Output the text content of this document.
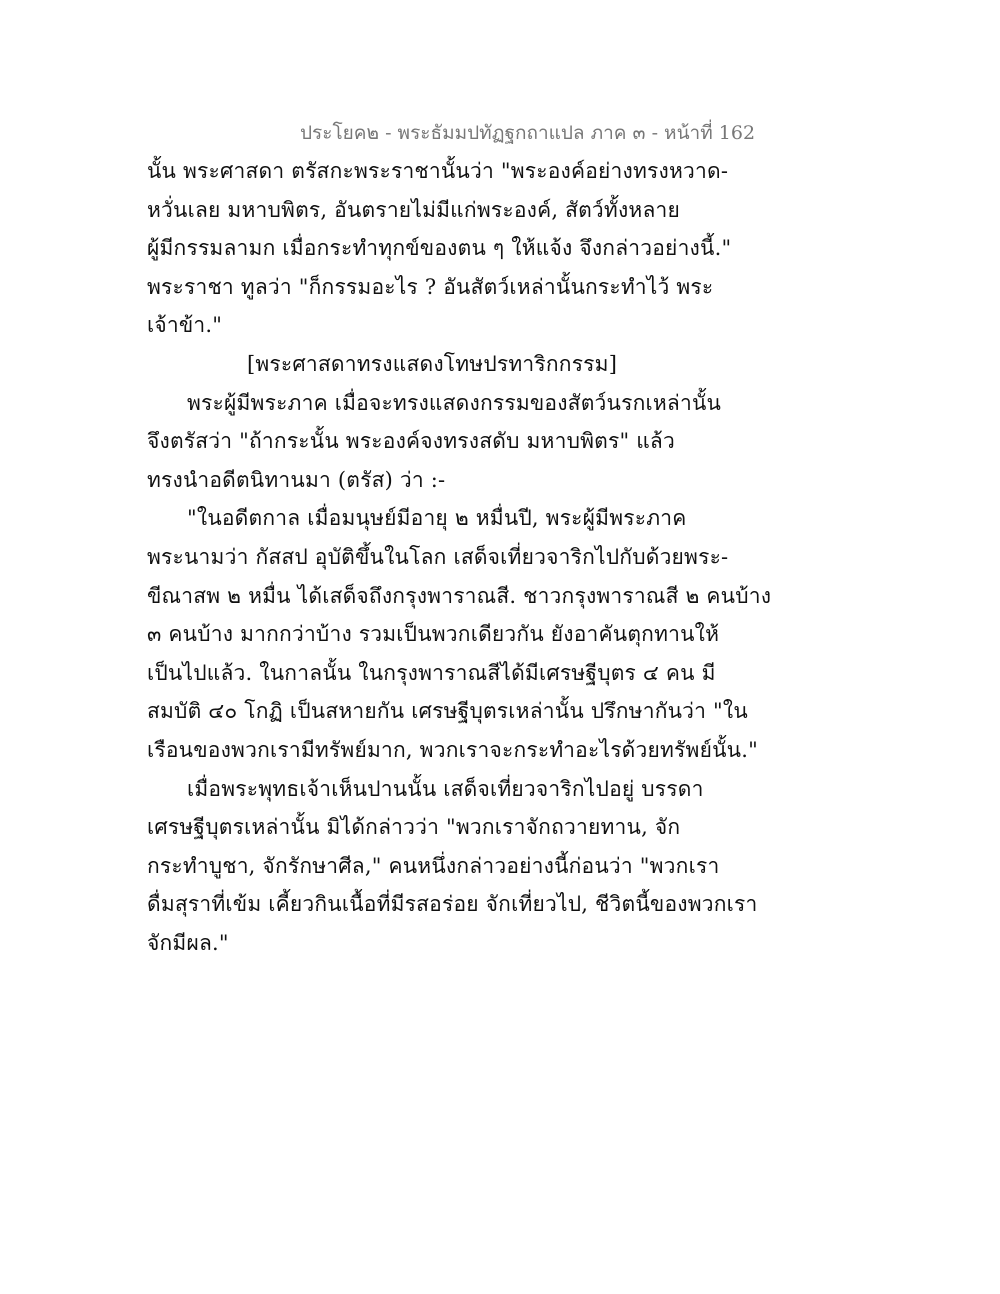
ประโยค๒ - พระธัมมปทัฏฐกถาแปล ภาค ๓ - หน้าที่ 162
นั้น พระศาสดา ตรัสกะพระราชานั้นว่า "พระองค์อย่างทรงหวาด-
หวั่นเลย มหาบพิตร, อันตรายไม่มีแก่พระองค์, สัตว์ทั้งหลาย
ผู้มีกรรมลามก เมื่อกระทำทุกข์ของตน ๆ ให้แจ้ง จึงกล่าวอย่างนี้."
พระราชา ทูลว่า "ก็กรรมอะไร ? อันสัตว์เหล่านั้นกระทำไว้ พระ
เจ้าข้า."
[พระศาสดาทรงแสดงโทษปรทาริกกรรม]
พระผู้มีพระภาค เมื่อจะทรงแสดงกรรมของสัตว์นรกเหล่านั้น
จึงตรัสว่า "ถ้ากระนั้น พระองค์จงทรงสดับ มหาบพิตร" แล้ว
ทรงนำอดีตนิทานมา (ตรัส) ว่า :-
"ในอดีตกาล เมื่อมนุษย์มีอายุ ๒ หมื่นปี, พระผู้มีพระภาค
พระนามว่า กัสสป อุบัติขึ้นในโลก เสด็จเที่ยวจาริกไปกับด้วยพระ-
ขีณาสพ ๒ หมื่น ได้เสด็จถึงกรุงพาราณสี. ชาวกรุงพาราณสี ๒ คนบ้าง
๓ คนบ้าง มากกว่าบ้าง รวมเป็นพวกเดียวกัน ยังอาคันตุกทานให้
เป็นไปแล้ว. ในกาลนั้น ในกรุงพาราณสีได้มีเศรษฐีบุตร ๔ คน มี
สมบัติ ๔๐ โกฏิ เป็นสหายกัน เศรษฐีบุตรเหล่านั้น ปรึกษากันว่า "ใน
เรือนของพวกเรามีทรัพย์มาก, พวกเราจะกระทำอะไรด้วยทรัพย์นั้น."
เมื่อพระพุทธเจ้าเห็นปานนั้น เสด็จเที่ยวจาริกไปอยู่ บรรดา
เศรษฐีบุตรเหล่านั้น มิได้กล่าวว่า "พวกเราจักถวายทาน, จัก
กระทำบูชา, จักรักษาศีล," คนหนึ่งกล่าวอย่างนี้ก่อนว่า "พวกเรา
ดื่มสุราที่เข้ม เคี้ยวกินเนื้อที่มีรสอร่อย จักเที่ยวไป, ชีวิตนี้ของพวกเรา
จักมีผล."
